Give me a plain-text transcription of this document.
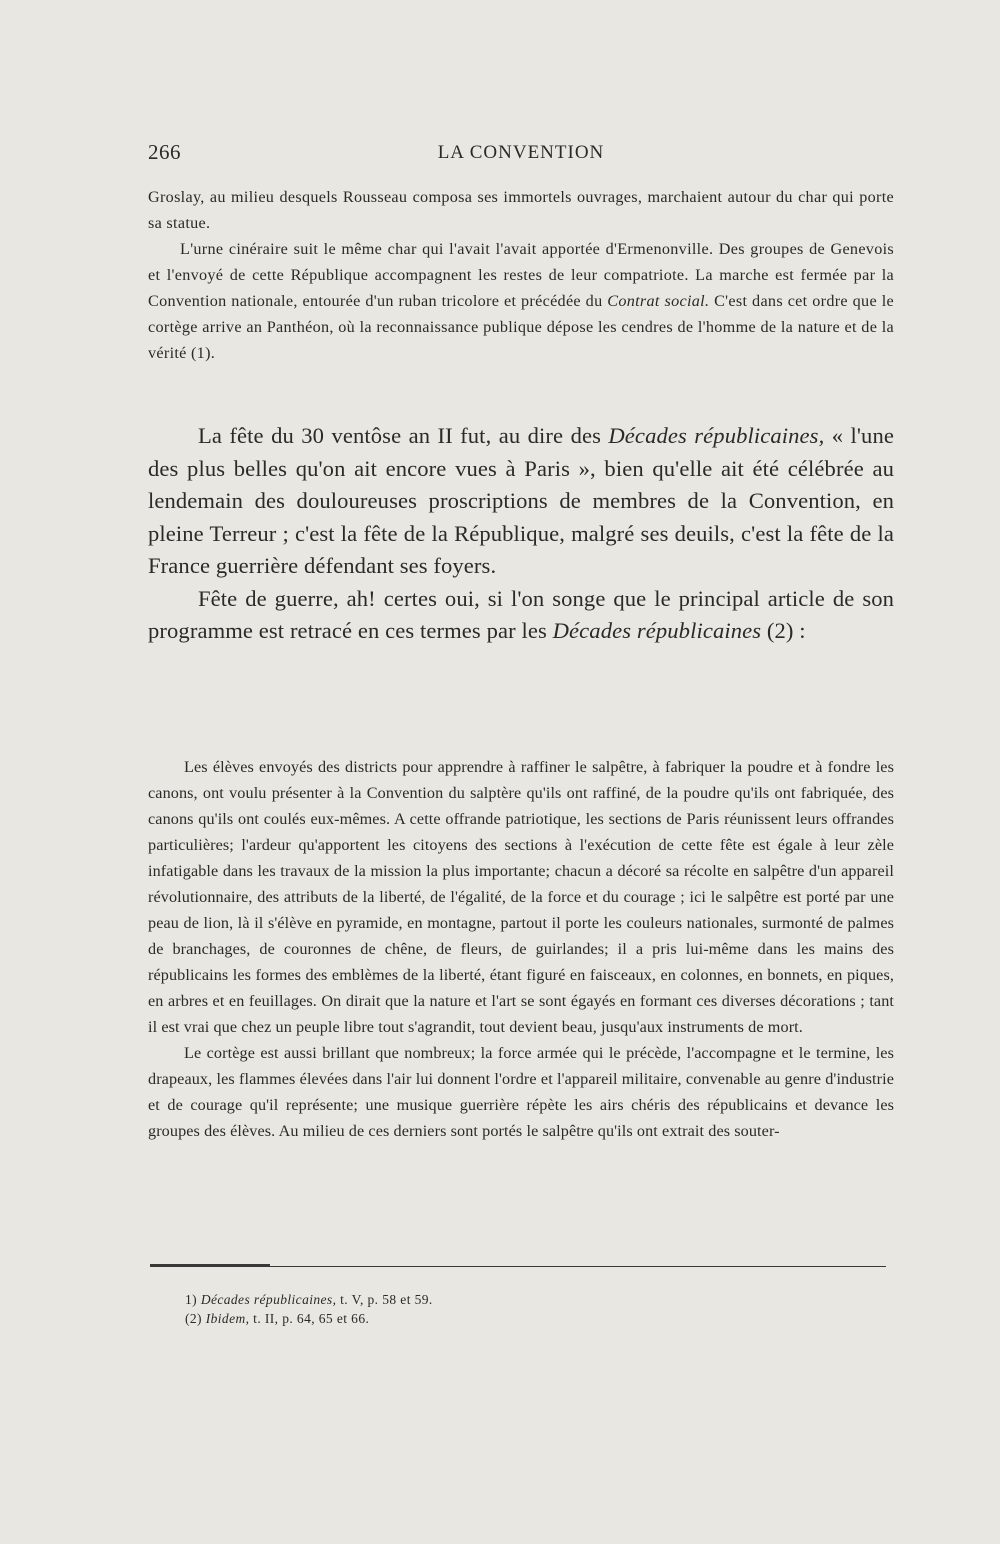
266	LA CONVENTION

Groslay, au milieu desquels Rousseau composa ses immortels ouvrages, marchaient autour du char qui porte sa statue.

L'urne cinéraire suit le même char qui l'avait l'avait apportée d'Ermenonville. Des groupes de Genevois et l'envoyé de cette République accompagnent les restes de leur compatriote. La marche est fermée par la Convention nationale, entourée d'un ruban tricolore et précédée du Contrat social. C'est dans cet ordre que le cortège arrive an Panthéon, où la reconnaissance publique dépose les cendres de l'homme de la nature et de la vérité (1).

La fête du 30 ventôse an II fut, au dire des Décades républicaines, « l'une des plus belles qu'on ait encore vues à Paris », bien qu'elle ait été célébrée au lendemain des douloureuses proscriptions de membres de la Convention, en pleine Terreur ; c'est la fête de la République, malgré ses deuils, c'est la fête de la France guerrière défendant ses foyers.

Fête de guerre, ah! certes oui, si l'on songe que le principal article de son programme est retracé en ces termes par les Décades républicaines (2) :

Les élèves envoyés des districts pour apprendre à raffiner le salpêtre, à fabriquer la poudre et à fondre les canons, ont voulu présenter à la Convention du salptère qu'ils ont raffiné, de la poudre qu'ils ont fabriquée, des canons qu'ils ont coulés eux-mêmes. A cette offrande patriotique, les sections de Paris réunissent leurs offrandes particulières; l'ardeur qu'apportent les citoyens des sections à l'exécution de cette fête est égale à leur zèle infatigable dans les travaux de la mission la plus importante; chacun a décoré sa récolte en salpêtre d'un appareil révolutionnaire, des attributs de la liberté, de l'égalité, de la force et du courage ; ici le salpêtre est porté par une peau de lion, là il s'élève en pyramide, en montagne, partout il porte les couleurs nationales, surmonté de palmes de branchages, de couronnes de chêne, de fleurs, de guirlandes; il a pris lui-même dans les mains des républicains les formes des emblèmes de la liberté, étant figuré en faisceaux, en colonnes, en bonnets, en piques, en arbres et en feuillages. On dirait que la nature et l'art se sont égayés en formant ces diverses décorations ; tant il est vrai que chez un peuple libre tout s'agrandit, tout devient beau, jusqu'aux instruments de mort.

Le cortège est aussi brillant que nombreux; la force armée qui le précède, l'accompagne et le termine, les drapeaux, les flammes élevées dans l'air lui donnent l'ordre et l'appareil militaire, convenable au genre d'industrie et de courage qu'il représente; une musique guerrière répète les airs chéris des républicains et devance les groupes des élèves. Au milieu de ces derniers sont portés le salpêtre qu'ils ont extrait des souter-

1) Décades républicaines, t. V, p. 58 et 59.

(2) Ibidem, t. II, p. 64, 65 et 66.
